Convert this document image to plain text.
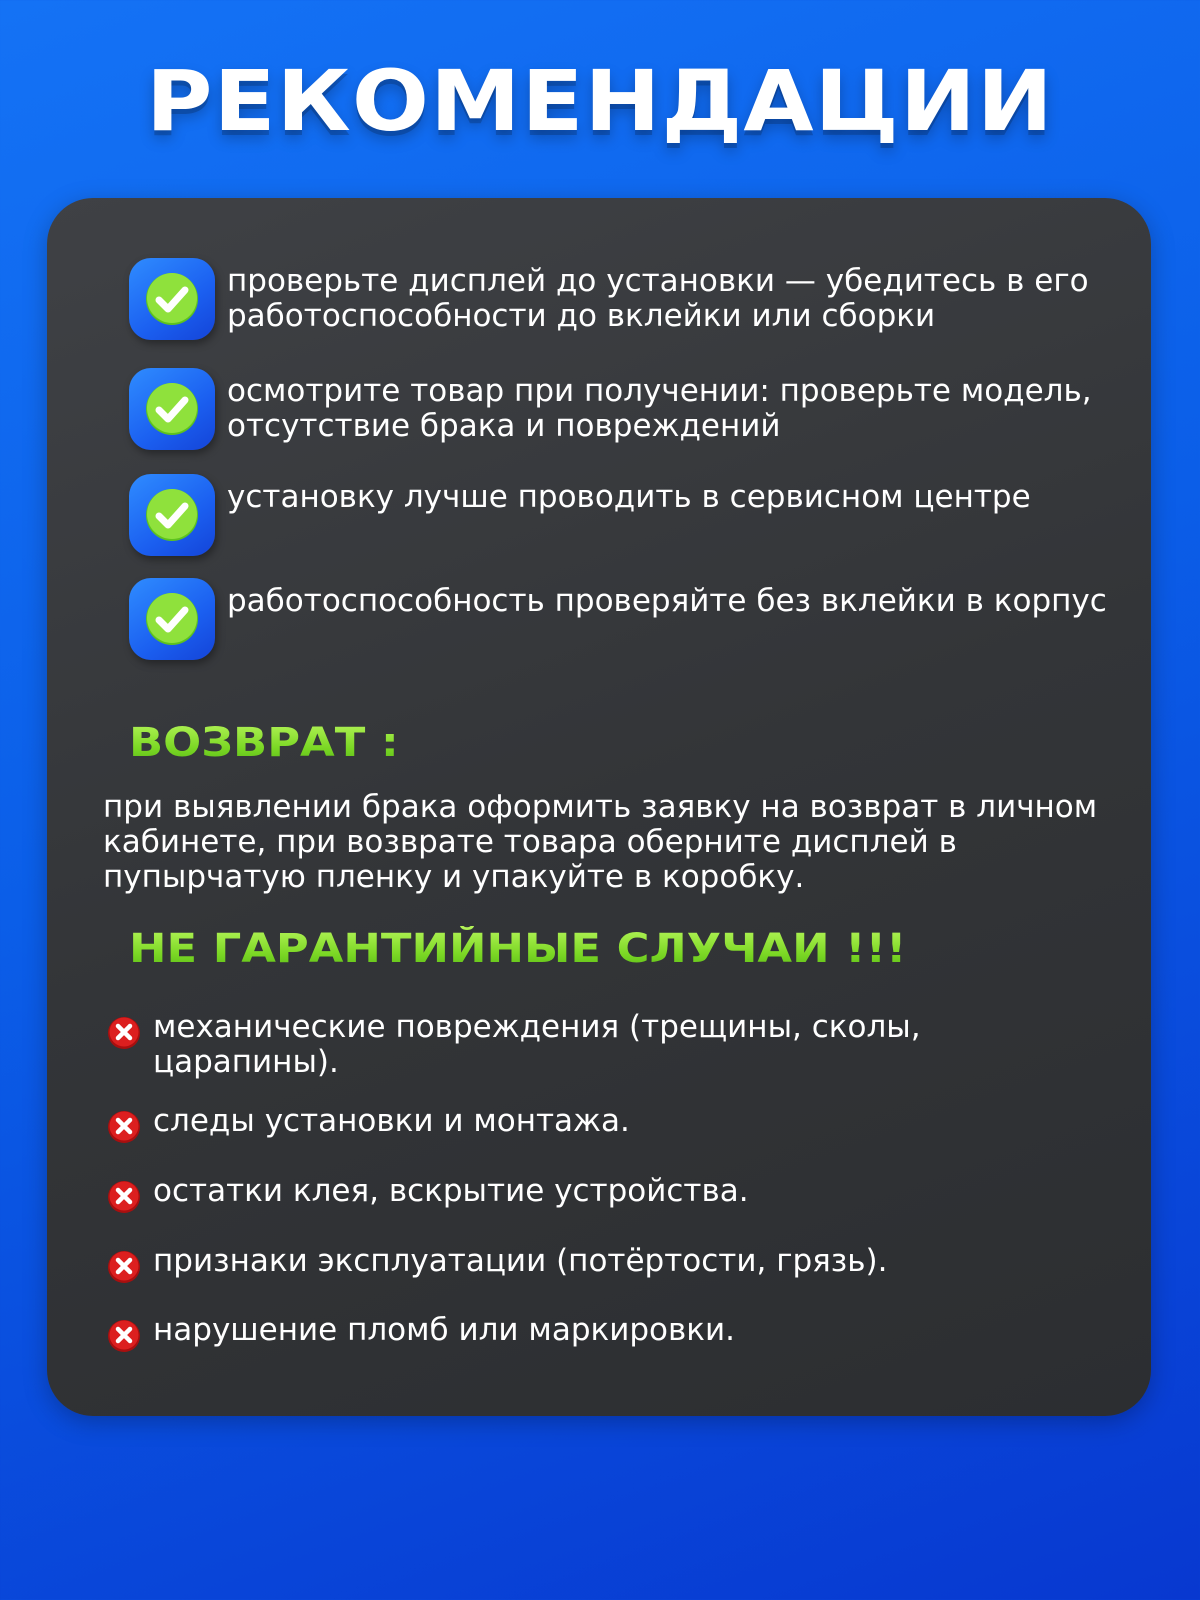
РЕКОМЕНДАЦИИ
проверьте дисплей до установки — убедитесь в его работоспособности до вклейки или сборки
осмотрите товар при получении: проверьте модель, отсутствие брака и повреждений
установку лучше проводить в сервисном центре
работоспособность проверяйте без вклейки в корпус
ВОЗВРАТ :
при выявлении брака оформить заявку на возврат в личном кабинете, при возврате товара оберните дисплей в пупырчатую пленку и упакуйте в коробку.
НЕ ГАРАНТИЙНЫЕ СЛУЧАИ !!!
механические повреждения (трещины, сколы, царапины).
следы установки и монтажа.
остатки клея, вскрытие устройства.
признаки эксплуатации (потёртости, грязь).
нарушение пломб или маркировки.
